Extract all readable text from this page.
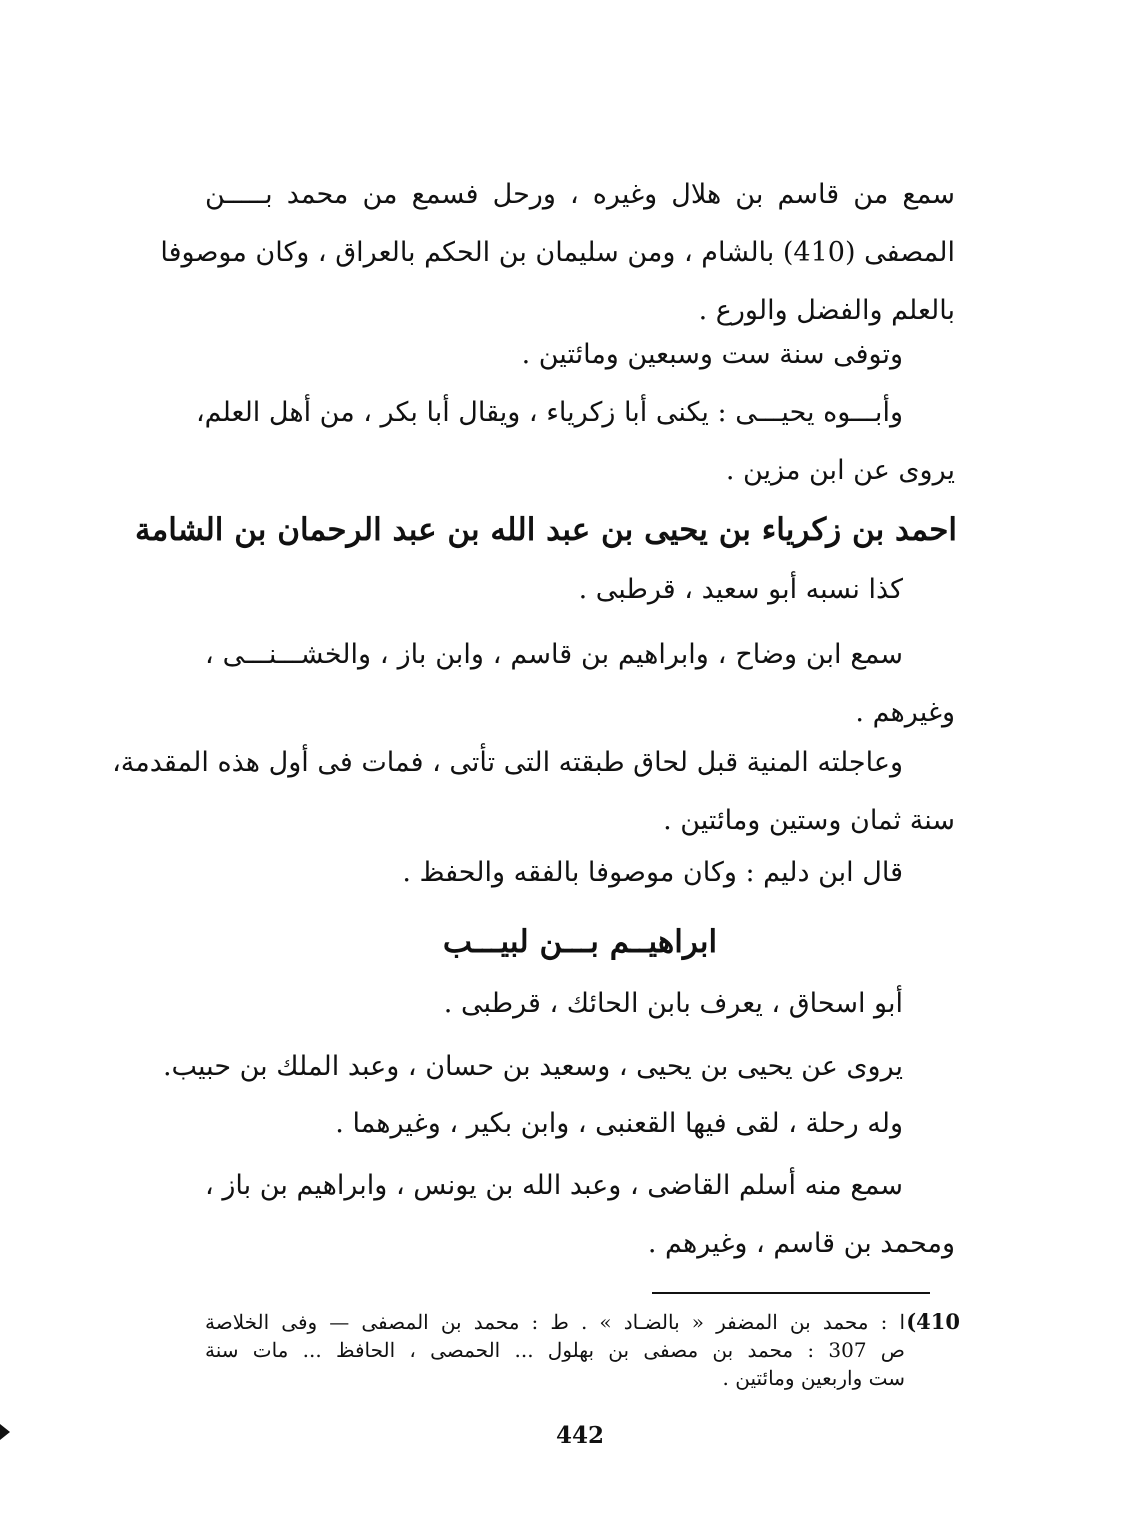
سمع من قاسم بن هلال وغيره ، ورحل فسمع من محمد بـــــن
المصفى (410) بالشام ، ومن سليمان بن الحكم بالعراق ، وكان موصوفا
بالعلم والفضل والورع .
وتوفى سنة ست وسبعين ومائتين .
وأبـــوه يحيـــى : يكنى أبا زكرياء ، ويقال أبا بكر ، من أهل العلم،
يروى عن ابن مزين .
احمد بن زكرياء بن يحيى بن عبد الله بن عبد الرحمان بن الشامة
كذا نسبه أبو سعيد ، قرطبى .
سمع ابن وضاح ، وابراهيم بن قاسم ، وابن باز ، والخشـــنـــى ،
وغيرهم .
وعاجلته المنية قبل لحاق طبقته التى تأتى ، فمات فى أول هذه المقدمة،
سنة ثمان وستين ومائتين .
قال ابن دليم : وكان موصوفا بالفقه والحفظ .
ابراهيــم بـــن لبيـــب
أبو اسحاق ، يعرف بابن الحائك ، قرطبى .
يروى عن يحيى بن يحيى ، وسعيد بن حسان ، وعبد الملك بن حبيب.
وله رحلة ، لقى فيها القعنبى ، وابن بكير ، وغيرهما .
سمع منه أسلم القاضى ، وعبد الله بن يونس ، وابراهيم بن باز ،
ومحمد بن قاسم ، وغيرهم .
(410
ا : محمد بن المضفر « بالضـاد » . ط : محمد بن المصفى — وفى الخلاصة
ص 307 : محمد بن مصفى بن بهلول ... الحمصى ، الحافظ ... مات سنة
ست واربعين ومائتين .
442
